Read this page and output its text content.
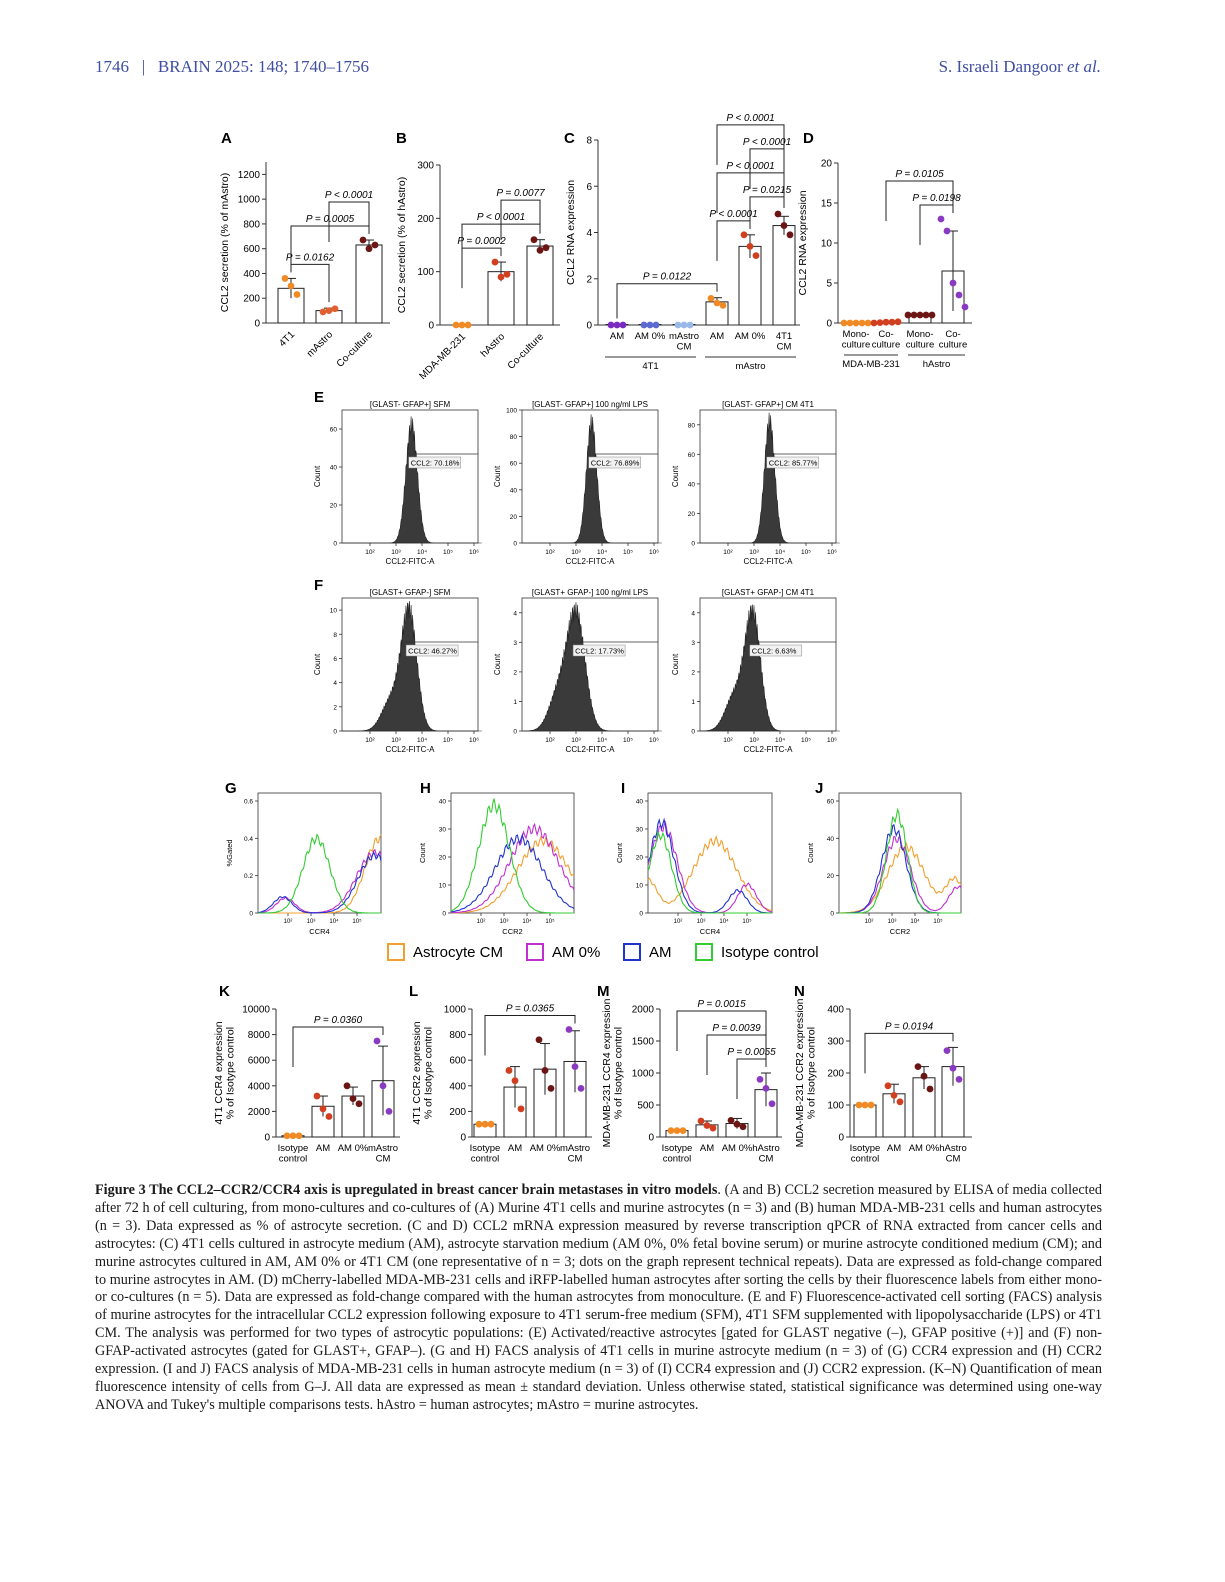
1746 | BRAIN 2025: 148; 1740–1756	S. Israeli Dangoor et al.
0
200
400
600
800
1000
1200
CCL2 secretion (% of mAstro)
4T1 mAstro Co-culture
P = 0.0162
P = 0.0005
P < 0.0001
0
100
200
300
CCL2 secretion (% of hAstro)
MDA-MB-231 hAstro
Co-culture
P = 0.0002
P < 0.0001
P = 0.0077
0
2
4
6
8
CCL2 RNA expression
AM AM 0% mAstro CM
AM AM 0% 4T1 CM
4T1	mAstro
P = 0.0122
P < 0.0001
P = 0.0215
P < 0.0001
P < 0.0001
P < 0.0001
0
5
10
15
20
CCL2 RNA expression
Mono-culture
Co-culture
Mono-culture
Co-culture
MDA-MB-231 hAstro
P = 0.0198
P = 0.0105
0
2000
4000
6000
8000
10000
4T1 CCR4 expression% of Isotype control
Isotype control
AM AM 0% mAstro CM
P = 0.0360
0
200
400
600
800
1000
4T1 CCR2 expression% of Isotype control
Isotype control
AM AM 0% mAstro CM
P = 0.0365
0
500
1000
1500
2000
MDA-MB-231 CCR4 expression% of Isotype control
Isotype control
AM AM 0% hAstro CM
P = 0.0055
P = 0.0039
P = 0.0015
0
100
200
300
400
MDA-MB-231 CCR2 expression% of Isotype control
Isotype control
AM AM 0% hAstro CM
P = 0.0194
[GLAST- GFAP+] SFM
0
20
40
60
10²	10³	10⁴ 10⁵ 10⁶
CCL2-FITC-A
Count
CCL2: 70.18%
[GLAST- GFAP+] 100 ng/ml LPS
0
20
40
60
80
100
10²	10³	10⁴ 10⁵ 10⁶
CCL2-FITC-A
Count
CCL2: 76.89%
[GLAST- GFAP+] CM 4T1
0
20
40
60
80
10²	10³	10⁴ 10⁵ 10⁶
CCL2-FITC-A
Count
CCL2: 85.77%
[GLAST+ GFAP-] SFM
0
2
4
6
8
10
10²	10³	10⁴ 10⁵ 10⁶
CCL2-FITC-A
Count
CCL2: 46.27%
[GLAST+ GFAP-] 100 ng/ml LPS
0
1
2
3
4
10²	10³	10⁴ 10⁵ 10⁶
CCL2-FITC-A
Count
CCL2: 17.73%
[GLAST+ GFAP-] CM 4T1
0
1
2
3
4
10²	10³	10⁴ 10⁵ 10⁶
CCL2-FITC-A
Count
CCL2: 6.63%
0
0.2
0.4
0.6
10² 10³ 10⁴ 10⁵
CCR4
%Gated
0
10
20
30
40
10² 10³ 10⁴ 10⁵
CCR2
Count
0
10
20
30
40
10² 10³ 10⁴ 10⁵
CCR4
Count
0
20
40
60
10² 10³ 10⁴ 10⁵
CCR2
Count
Astrocyte CM	AM 0%	AM	Isotype control
A	B	C	D
E
F
G	H	I	J
K	L	M	N

Figure 3 The CCL2–CCR2/CCR4 axis is upregulated in breast cancer brain metastases in vitro models. (A and B) CCL2 secretion measured by ELISA of media collected after 72 h of cell culturing, from mono-cultures and co-cultures of (A) Murine 4T1 cells and murine astrocytes (n = 3) and (B) human MDA-MB-231 cells and human astrocytes (n = 3). Data expressed as % of astrocyte secretion. (C and D) CCL2 mRNA expression measured by reverse transcription qPCR of RNA extracted from cancer cells and astrocytes: (C) 4T1 cells cultured in astrocyte medium (AM), astrocyte starvation medium (AM 0%, 0% fetal bovine serum) or murine astrocyte conditioned medium (CM); and murine astrocytes cultured in AM, AM 0% or 4T1 CM (one representative of n = 3; dots on the graph represent technical repeats). Data are expressed as fold-change compared to murine astrocytes in AM. (D) mCherry-labelled MDA-MB-231 cells and iRFP-labelled human astrocytes after sorting the cells by their fluorescence labels from either mono- or co-cultures (n = 5). Data are expressed as fold-change compared with the human astrocytes from monoculture. (E and F) Fluorescence-activated cell sorting (FACS) analysis of murine astrocytes for the intracellular CCL2 expression following exposure to 4T1 serum-free medium (SFM), 4T1 SFM supplemented with lipopolysaccharide (LPS) or 4T1 CM. The analysis was performed for two types of astrocytic populations: (E) Activated/reactive astrocytes [gated for GLAST negative (–), GFAP positive (+)] and (F) non-GFAP-activated astrocytes (gated for GLAST+, GFAP–). (G and H) FACS analysis of 4T1 cells in murine astrocyte medium (n = 3) of (G) CCR4 expression and (H) CCR2 expression. (I and J) FACS analysis of MDA-MB-231 cells in human astrocyte medium (n = 3) of (I) CCR4 expression and (J) CCR2 expression. (K–N) Quantification of mean fluorescence intensity of cells from G–J. All data are expressed as mean ± standard deviation. Unless otherwise stated, statistical significance was determined using one-way ANOVA and Tukey's multiple comparisons tests. hAstro = human astrocytes; mAstro = murine astrocytes.
